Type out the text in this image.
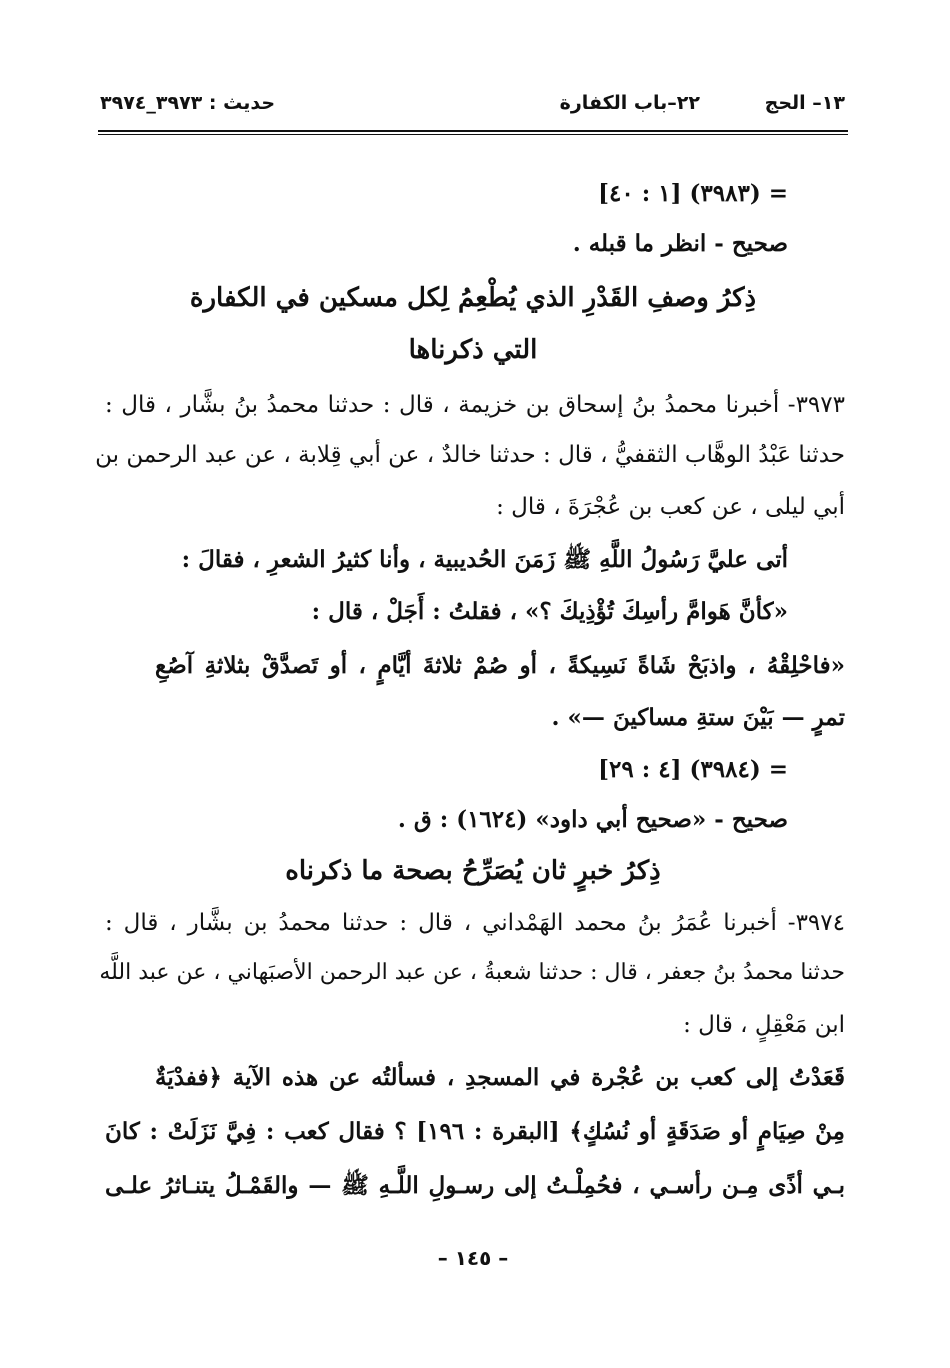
١٣– الحج
٢٢–باب الكفارة
حديث : ٣٩٧٣_٣٩٧٤
= (٣٩٨٣) [١ : ٤٠]
صحيح - انظر ما قبله .
ذِكرُ وصفِ القَدْرِ الذي يُطْعِمُ لِكل مسكين في الكفارة
التي ذكرناها
٣٩٧٣- أخبرنا محمدُ بنُ إسحاق بن خزيمة ، قال : حدثنا محمدُ بنُ بشَّار ، قال :
حدثنا عَبْدُ الوهَّاب الثقفيُّ ، قال : حدثنا خالدٌ ، عن أبي قِلابة ، عن عبد الرحمن بن
أبي ليلى ، عن كعب بن عُجْرَةَ ، قال :
أتى عليَّ رَسُولُ اللَّهِ ﷺ زَمَنَ الحُديبية ، وأنا كثيرُ الشعرِ ، فقالَ :
«كأنَّ هَوامَّ رأسِكَ تُؤْذِيكَ ؟» ، فقلتُ : أَجَلْ ، قال :
«فاحْلِقْهُ ، واذبَحْ شَاةً نَسِيكةً ، أو صُمْ ثلاثةَ أيَّامٍ ، أو تَصدَّقْ بثلاثةِ آصُعِ
تمرٍ — بَيْنَ ستةِ مساكينَ —» .
= (٣٩٨٤) [٤ : ٢٩]
صحيح - «صحيح أبي داود» (١٦٢٤) : ق .
ذِكرُ خبرٍ ثان يُصَرِّحُ بصحة ما ذكرناه
٣٩٧٤- أخبرنا عُمَرُ بنُ محمد الهَمْداني ، قال : حدثنا محمدُ بن بشَّار ، قال :
حدثنا محمدُ بنُ جعفر ، قال : حدثنا شعبةُ ، عن عبد الرحمن الأصبَهاني ، عن عبد اللَّه
ابن مَعْقِلٍ ، قال :
قَعَدْتُ إلى كعب بن عُجْرة في المسجدِ ، فسألتُه عن هذه الآية ﴿ففدْيَةٌ
مِنْ صِيَامٍ أو صَدَقَةٍ أو نُسُكٍ﴾ [البقرة : ١٩٦] ؟ فقال كعب : فِيَّ نَزَلَتْ : كانَ
بـي أذًى مِـن رأسـي ، فحُمِلْـتُ إلى رسـولِ اللَّـهِ ﷺ — والقَمْـلُ يتنـاثرُ علـى
– ١٤٥ –
